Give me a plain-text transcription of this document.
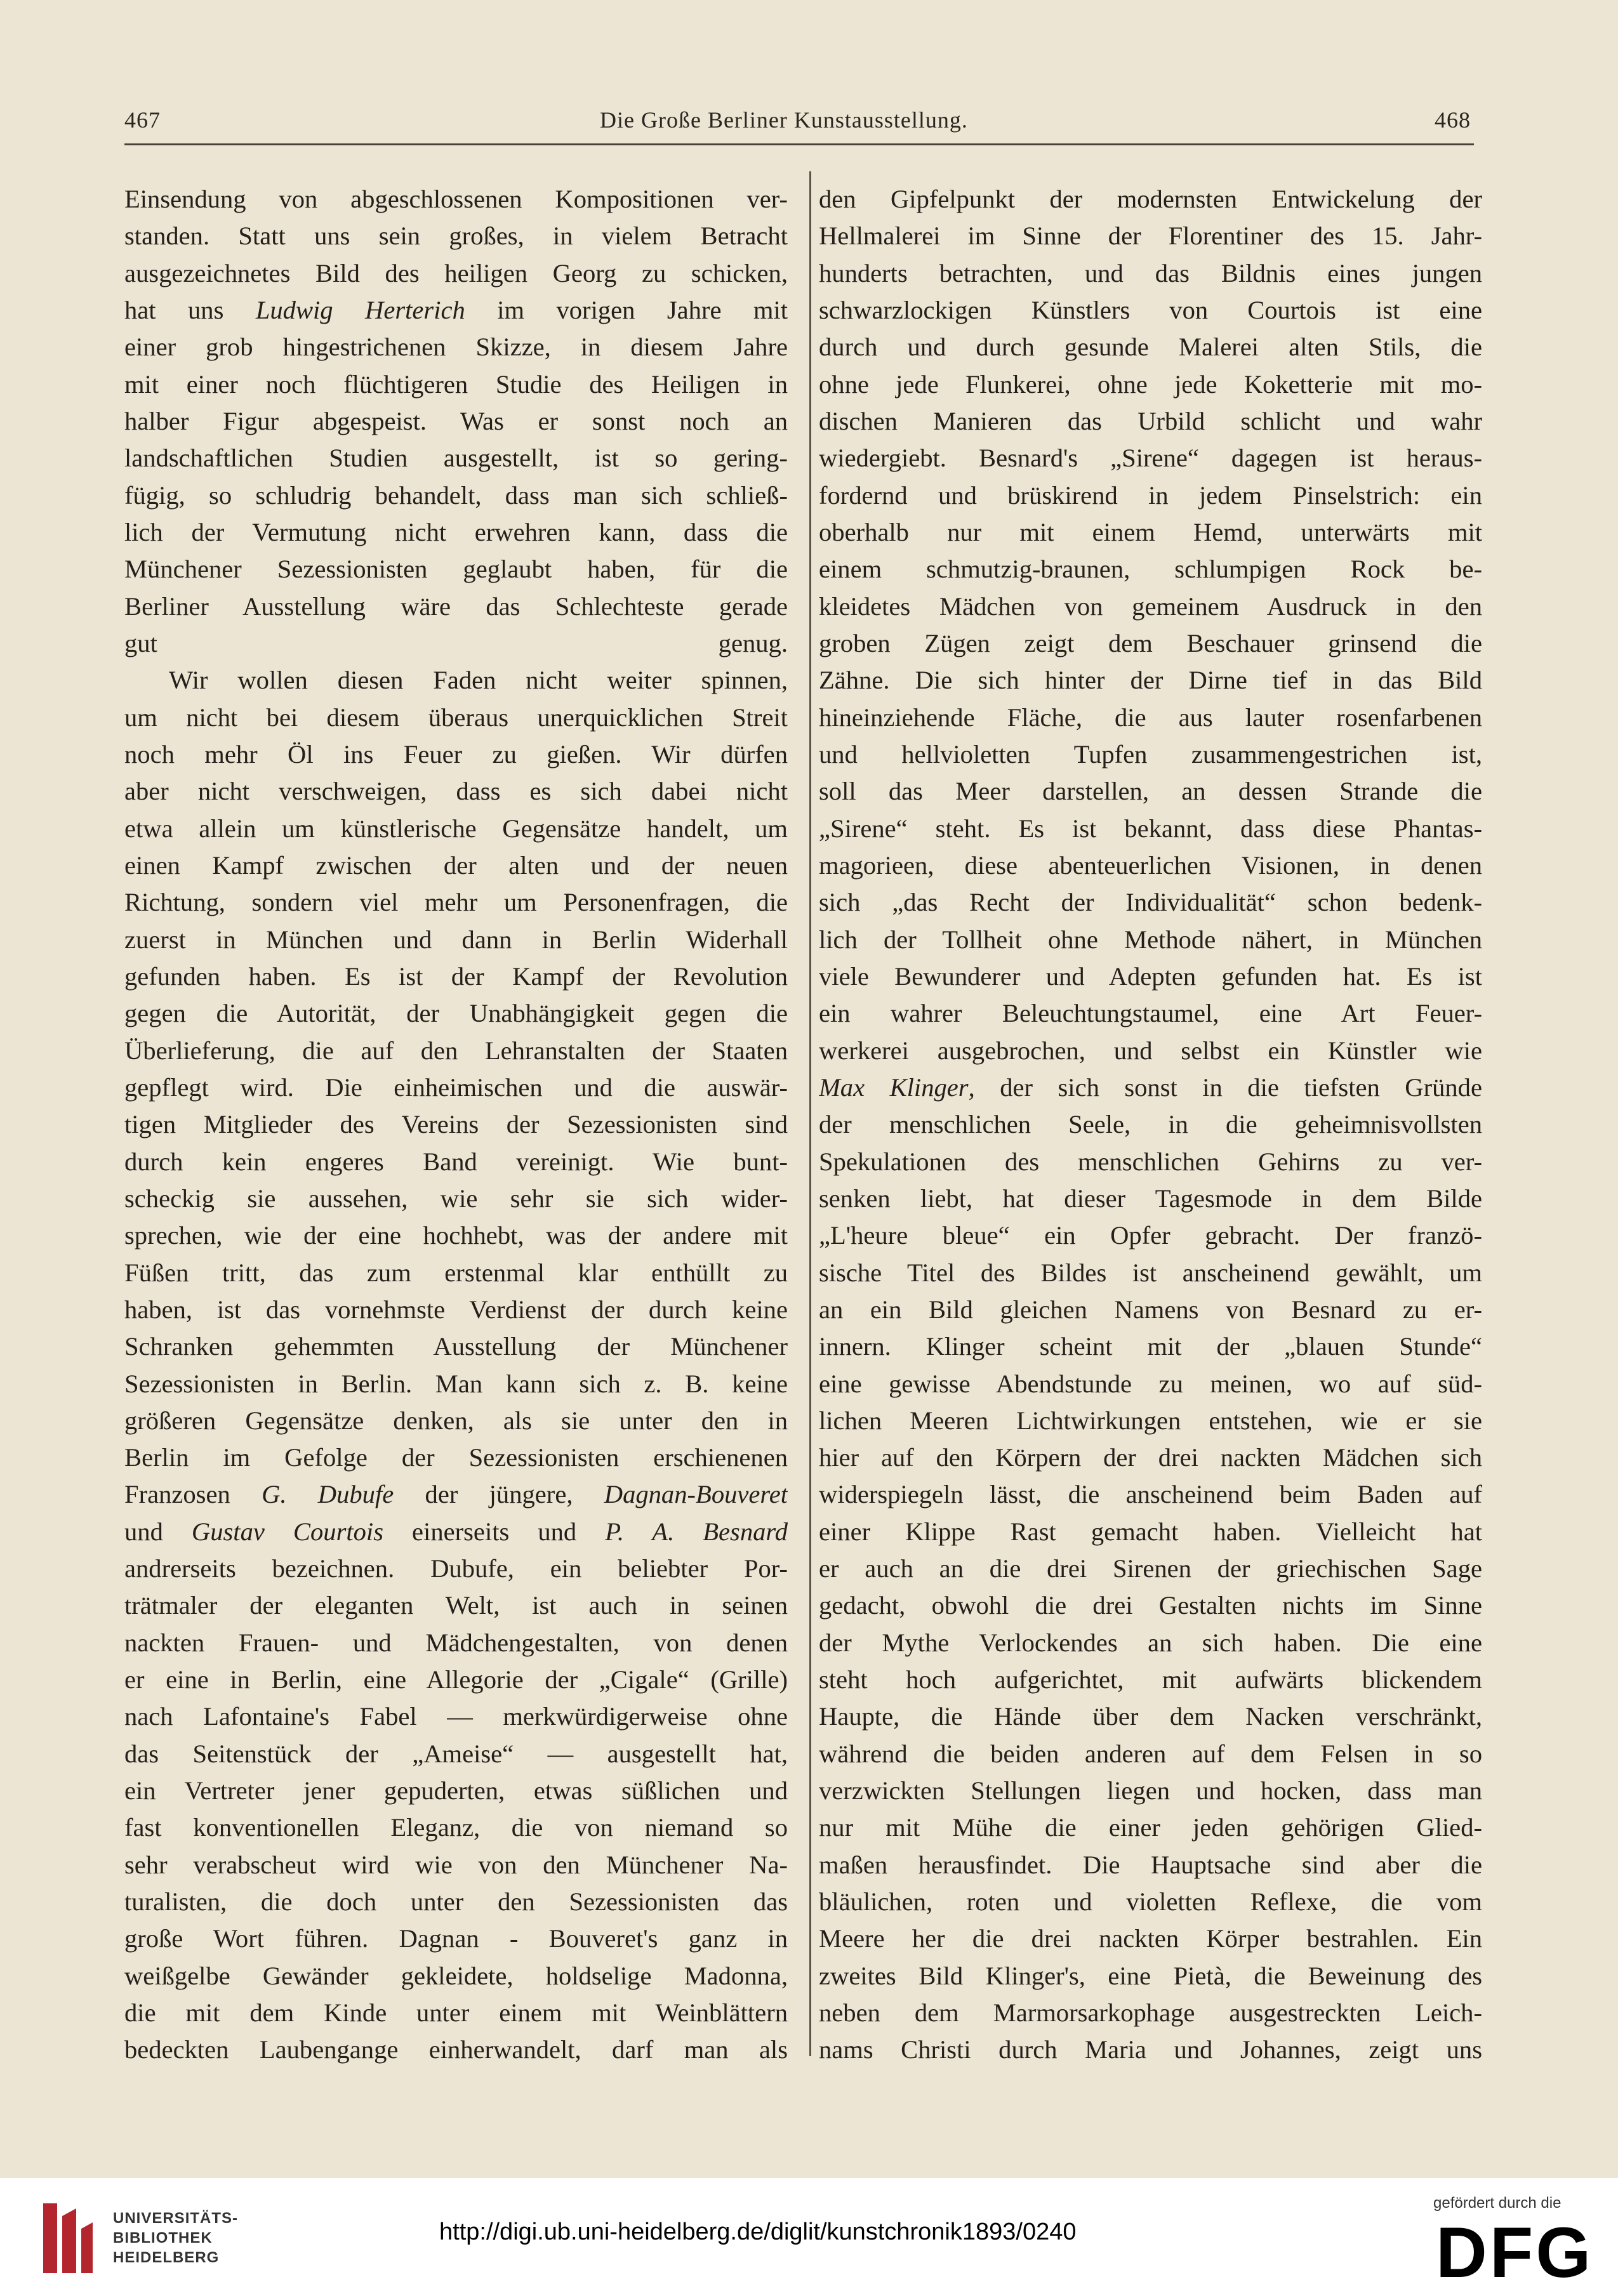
467	Die Große Berliner Kunstausstellung.	468
Einsendung von abgeschlossenen Kompositionen ver-
standen. Statt uns sein großes, in vielem Betracht
ausgezeichnetes Bild des heiligen Georg zu schicken,
hat uns Ludwig Herterich im vorigen Jahre mit
einer grob hingestrichenen Skizze, in diesem Jahre
mit einer noch flüchtigeren Studie des Heiligen in
halber Figur abgespeist. Was er sonst noch an
landschaftlichen Studien ausgestellt, ist so gering-
fügig, so schludrig behandelt, dass man sich schließ-
lich der Vermutung nicht erwehren kann, dass die
Münchener Sezessionisten geglaubt haben, für die
Berliner Ausstellung wäre das Schlechteste gerade
gut genug.
Wir wollen diesen Faden nicht weiter spinnen,
um nicht bei diesem überaus unerquicklichen Streit
noch mehr Öl ins Feuer zu gießen. Wir dürfen
aber nicht verschweigen, dass es sich dabei nicht
etwa allein um künstlerische Gegensätze handelt, um
einen Kampf zwischen der alten und der neuen
Richtung, sondern viel mehr um Personenfragen, die
zuerst in München und dann in Berlin Widerhall
gefunden haben. Es ist der Kampf der Revolution
gegen die Autorität, der Unabhängigkeit gegen die
Überlieferung, die auf den Lehranstalten der Staaten
gepflegt wird. Die einheimischen und die auswär-
tigen Mitglieder des Vereins der Sezessionisten sind
durch kein engeres Band vereinigt. Wie bunt-
scheckig sie aussehen, wie sehr sie sich wider-
sprechen, wie der eine hochhebt, was der andere mit
Füßen tritt, das zum erstenmal klar enthüllt zu
haben, ist das vornehmste Verdienst der durch keine
Schranken gehemmten Ausstellung der Münchener
Sezessionisten in Berlin. Man kann sich z. B. keine
größeren Gegensätze denken, als sie unter den in
Berlin im Gefolge der Sezessionisten erschienenen
Franzosen G. Dubufe der jüngere, Dagnan-Bouveret
und Gustav Courtois einerseits und P. A. Besnard
andrerseits bezeichnen. Dubufe, ein beliebter Por-
trätmaler der eleganten Welt, ist auch in seinen
nackten Frauen- und Mädchengestalten, von denen
er eine in Berlin, eine Allegorie der „Cigale“ (Grille)
nach Lafontaine's Fabel — merkwürdigerweise ohne
das Seitenstück der „Ameise“ — ausgestellt hat,
ein Vertreter jener gepuderten, etwas süßlichen und
fast konventionellen Eleganz, die von niemand so
sehr verabscheut wird wie von den Münchener Na-
turalisten, die doch unter den Sezessionisten das
große Wort führen. Dagnan - Bouveret's ganz in
weißgelbe Gewänder gekleidete, holdselige Madonna,
die mit dem Kinde unter einem mit Weinblättern
bedeckten Laubengange einherwandelt, darf man als
den Gipfelpunkt der modernsten Entwickelung der
Hellmalerei im Sinne der Florentiner des 15. Jahr-
hunderts betrachten, und das Bildnis eines jungen
schwarzlockigen Künstlers von Courtois ist eine
durch und durch gesunde Malerei alten Stils, die
ohne jede Flunkerei, ohne jede Koketterie mit mo-
dischen Manieren das Urbild schlicht und wahr
wiedergiebt. Besnard's „Sirene“ dagegen ist heraus-
fordernd und brüskirend in jedem Pinselstrich: ein
oberhalb nur mit einem Hemd, unterwärts mit
einem schmutzig-braunen, schlumpigen Rock be-
kleidetes Mädchen von gemeinem Ausdruck in den
groben Zügen zeigt dem Beschauer grinsend die
Zähne. Die sich hinter der Dirne tief in das Bild
hineinziehende Fläche, die aus lauter rosenfarbenen
und hellvioletten Tupfen zusammengestrichen ist,
soll das Meer darstellen, an dessen Strande die
„Sirene“ steht. Es ist bekannt, dass diese Phantas-
magorieen, diese abenteuerlichen Visionen, in denen
sich „das Recht der Individualität“ schon bedenk-
lich der Tollheit ohne Methode nähert, in München
viele Bewunderer und Adepten gefunden hat. Es ist
ein wahrer Beleuchtungstaumel, eine Art Feuer-
werkerei ausgebrochen, und selbst ein Künstler wie
Max Klinger, der sich sonst in die tiefsten Gründe
der menschlichen Seele, in die geheimnisvollsten
Spekulationen des menschlichen Gehirns zu ver-
senken liebt, hat dieser Tagesmode in dem Bilde
„L'heure bleue“ ein Opfer gebracht. Der franzö-
sische Titel des Bildes ist anscheinend gewählt, um
an ein Bild gleichen Namens von Besnard zu er-
innern. Klinger scheint mit der „blauen Stunde“
eine gewisse Abendstunde zu meinen, wo auf süd-
lichen Meeren Lichtwirkungen entstehen, wie er sie
hier auf den Körpern der drei nackten Mädchen sich
widerspiegeln lässt, die anscheinend beim Baden auf
einer Klippe Rast gemacht haben. Vielleicht hat
er auch an die drei Sirenen der griechischen Sage
gedacht, obwohl die drei Gestalten nichts im Sinne
der Mythe Verlockendes an sich haben. Die eine
steht hoch aufgerichtet, mit aufwärts blickendem
Haupte, die Hände über dem Nacken verschränkt,
während die beiden anderen auf dem Felsen in so
verzwickten Stellungen liegen und hocken, dass man
nur mit Mühe die einer jeden gehörigen Glied-
maßen herausfindet. Die Hauptsache sind aber die
bläulichen, roten und violetten Reflexe, die vom
Meere her die drei nackten Körper bestrahlen. Ein
zweites Bild Klinger's, eine Pietà, die Beweinung des
neben dem Marmorsarkophage ausgestreckten Leich-
nams Christi durch Maria und Johannes, zeigt uns
UNIVERSITÄTS-
BIBLIOTHEK
HEIDELBERG
http://digi.ub.uni-heidelberg.de/diglit/kunstchronik1893/0240
gefördert durch die
DFG
